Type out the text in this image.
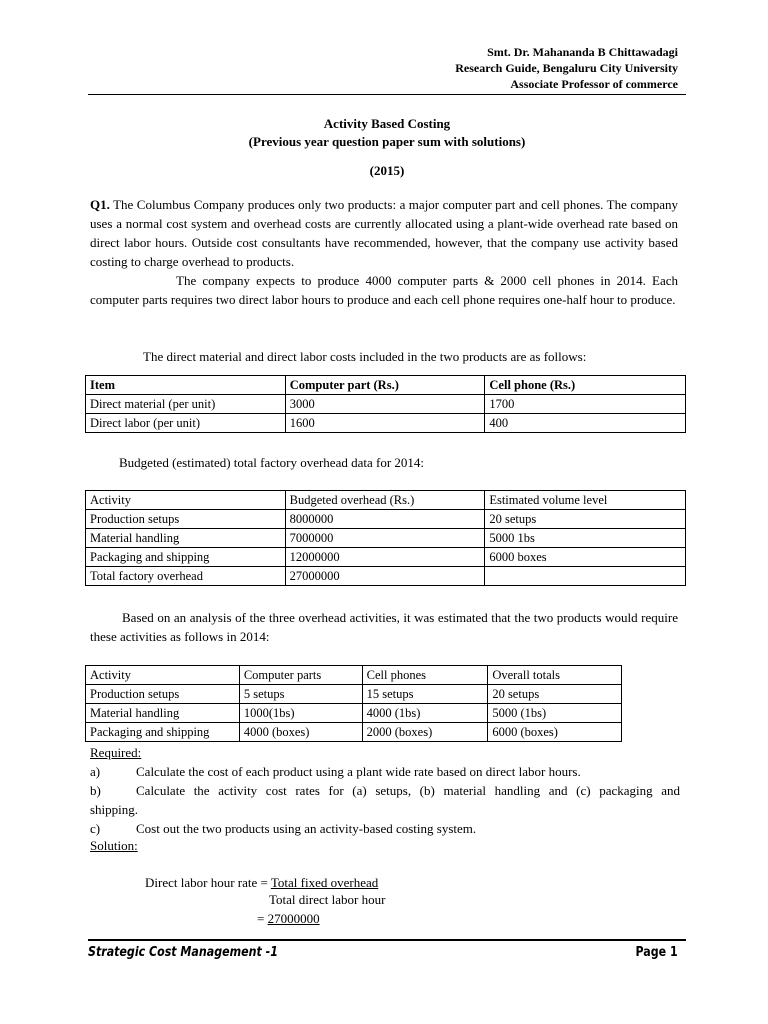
Smt. Dr. Mahananda B Chittawadagi
Research Guide, Bengaluru City University
Associate Professor of commerce
Activity Based Costing
(Previous year question paper sum with solutions)
(2015)
Q1. The Columbus Company produces only two products: a major computer part and cell phones. The company uses a normal cost system and overhead costs are currently allocated using a plant-wide overhead rate based on direct labor hours. Outside cost consultants have recommended, however, that the company use activity based costing to charge overhead to products.
The company expects to produce 4000 computer parts & 2000 cell phones in 2014. Each computer parts requires two direct labor hours to produce and each cell phone requires one-half hour to produce.
The direct material and direct labor costs included in the two products are as follows:
Item	Computer part (Rs.)	Cell phone (Rs.)
Direct material (per unit)	3000	1700
Direct labor (per unit)	1600	400
Budgeted (estimated) total factory overhead data for 2014:
Activity	Budgeted overhead (Rs.)	Estimated volume level
Production setups	8000000	20 setups
Material handling	7000000	5000 1bs
Packaging and shipping	12000000	6000 boxes
Total factory overhead	27000000	
Based on an analysis of the three overhead activities, it was estimated that the two products would require these activities as follows in 2014:
Activity	Computer parts	Cell phones	Overall totals
Production setups	5 setups	15 setups	20 setups
Material handling	1000(1bs)	4000 (1bs)	5000 (1bs)
Packaging and shipping	4000 (boxes)	2000 (boxes)	6000 (boxes)
Required:
a)	Calculate the cost of each product using a plant wide rate based on direct labor hours.
b)	Calculate the activity cost rates for (a) setups, (b) material handling and (c) packaging and
shipping.
c)	Cost out the two products using an activity-based costing system.
Solution:
Direct labor hour rate = Total fixed overhead
Total direct labor hour
= 27000000
Strategic Cost Management -1	Page 1
